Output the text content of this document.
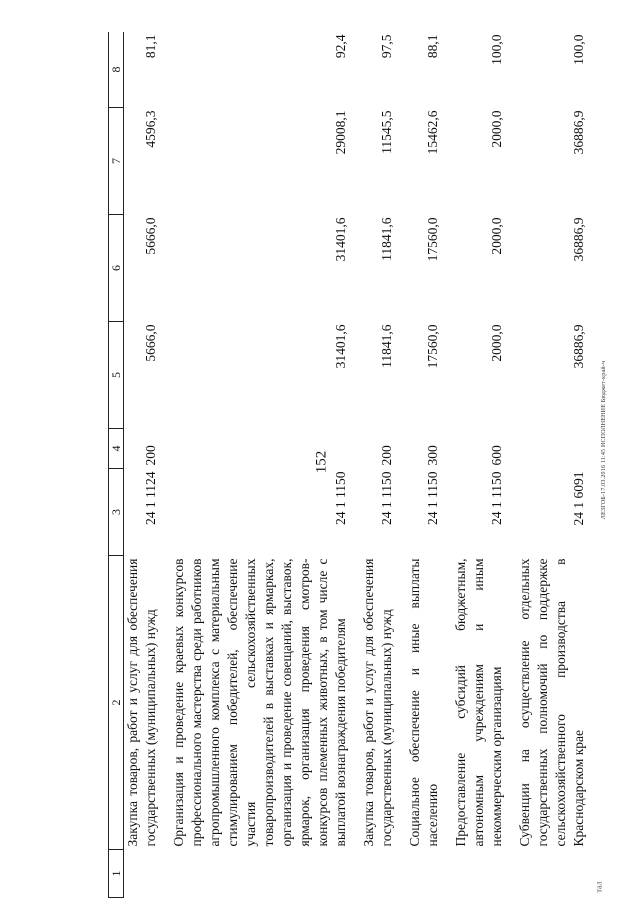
152	ЛЕЗГОБ-17.03.2016 11:45 ИСПОЛНЕНИЕ Бюджет-край-ч
тал
1	2	3	4	5	6	7	8
	Закупка товаров, работ и услуг для обеспечения государственных (муниципальных) нужд	24 1 1124	200	5666,0	5666,0	4596,3	81,1

	Организация и проведение краевых конкурсов профессионального мастерства среди работников агропромышленного комплекса с материальным стимулированием победителей, обеспечение участия сельскохозяйственных товаропроизводителей в выставках и ярмарках, организация и проведение совещаний, выставок, ярмарок, организация проведения смотров-конкурсов племенных животных, в том числе с выплатой вознаграждения победителям	24 1 1150		31401,6	31401,6	29008,1	92,4

	Закупка товаров, работ и услуг для обеспечения государственных (муниципальных) нужд	24 1 1150	200	11841,6	11841,6	11545,5	97,5

	Социальное обеспечение и иные выплаты населению	24 1 1150	300	17560,0	17560,0	15462,6	88,1

	Предоставление субсидий бюджетным, автономным учреждениям и иным некоммерческим организациям	24 1 1150	600	2000,0	2000,0	2000,0	100,0

	Субвенции на осуществление отдельных государственных полномочий по поддержке сельскохозяйственного производства в Краснодарском крае	24 1 6091		36886,9	36886,9	36886,9	100,0
